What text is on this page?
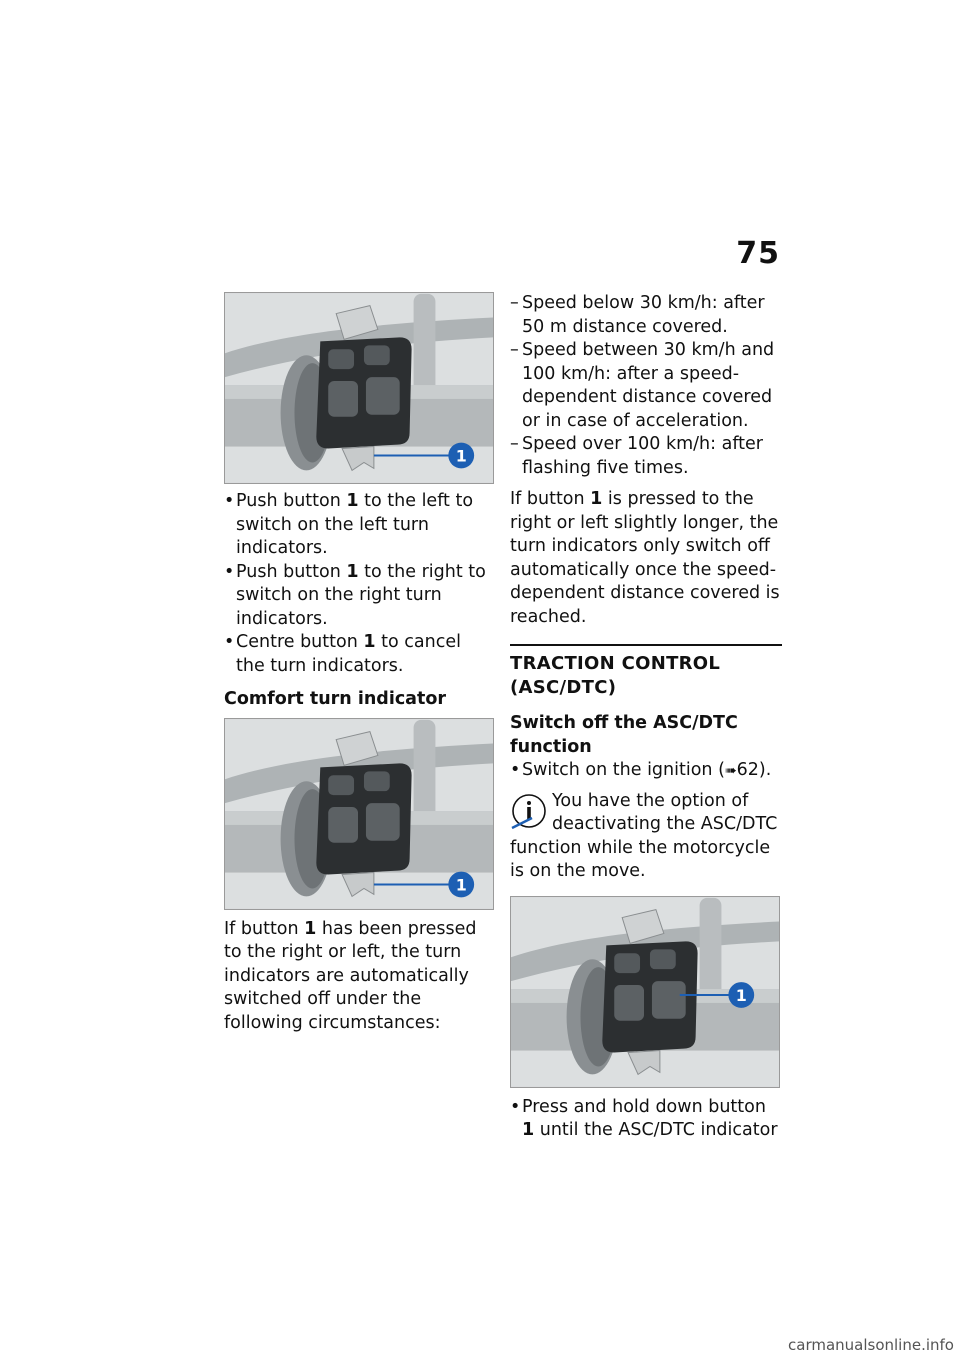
75
1

• Push button 1 to the left to switch on the left turn indicators.

• Push button 1 to the right to switch on the right turn indicators.

• Centre button 1 to cancel the turn indicators.

Comfort turn indicator

1

If button 1 has been pressed to the right or left, the turn indicators are automatically switched off under the following circumstances:

– Speed below 30 km/h: after 50 m distance covered.

– Speed between 30 km/h and 100 km/h: after a speed-dependent distance covered or in case of acceleration.

– Speed over 100 km/h: after flashing five times.

If button 1 is pressed to the right or left slightly longer, the turn indicators only switch off automatically once the speed-dependent distance covered is reached.

TRACTION CONTROL (ASC/DTC)

Switch off the ASC/DTC function

• Switch on the ignition (➠62).

You have the option of deactivating the ASC/DTC

function while the motorcycle is on the move.

1

• Press and hold down button 1 until the ASC/DTC indicator

carmanualsonline.info
